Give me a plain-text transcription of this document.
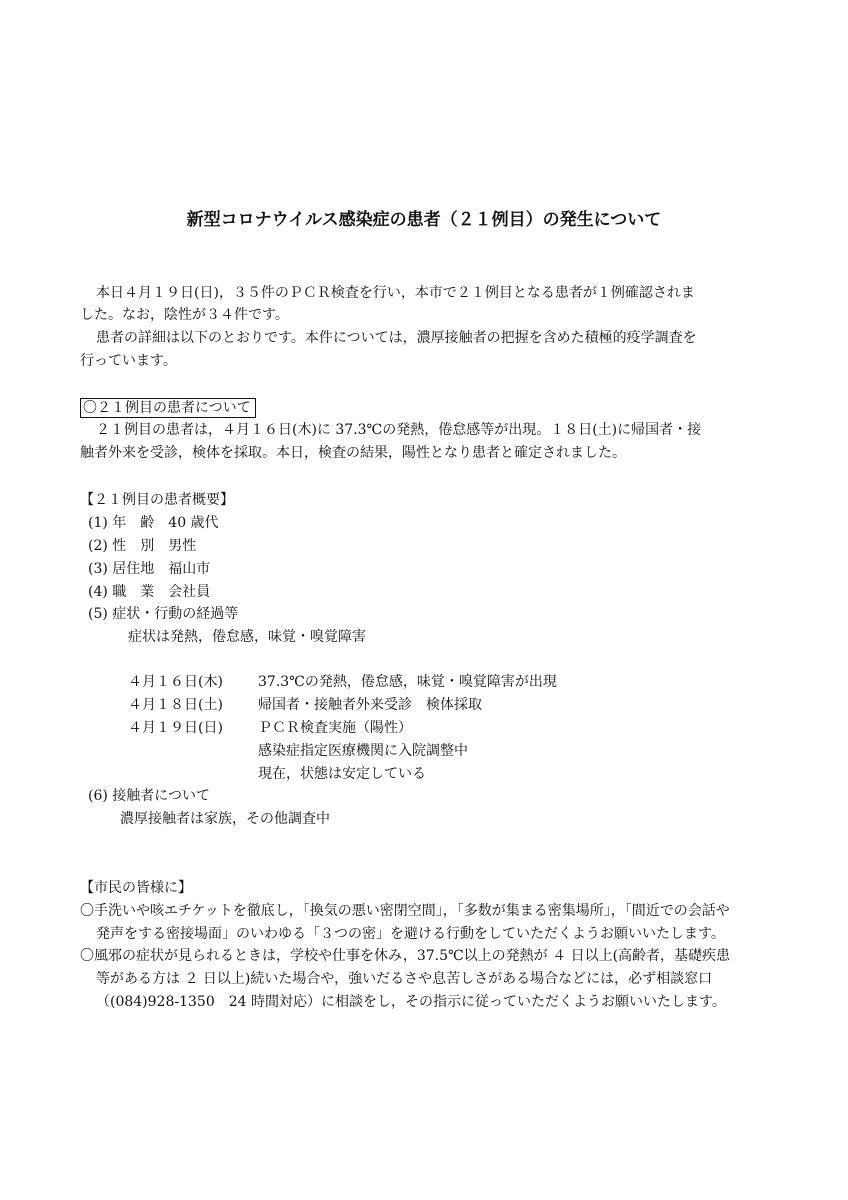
新型コロナウイルス感染症の患者（２１例目）の発生について
本日４月１９日(日)，３５件のＰＣＲ検査を行い，本市で２１例目となる患者が１例確認されま
した。なお，陰性が３４件です。
患者の詳細は以下のとおりです。本件については，濃厚接触者の把握を含めた積極的疫学調査を
行っています。
〇２１例目の患者について
２１例目の患者は，４月１６日(木)に 37.3℃の発熱，倦怠感等が出現。１８日(土)に帰国者・接
触者外来を受診，検体を採取。本日，検査の結果，陽性となり患者と確定されました。
【２１例目の患者概要】
(1) 年　齢　40 歳代
(2) 性　別　男性
(3) 居住地　福山市
(4) 職　業　会社員
(5) 症状・行動の経過等
症状は発熱，倦怠感，味覚・嗅覚障害
４月１６日(木)	37.3℃の発熱，倦怠感，味覚・嗅覚障害が出現
４月１８日(土)	帰国者・接触者外来受診　検体採取
４月１９日(日)	ＰＣＲ検査実施（陽性）
感染症指定医療機関に入院調整中
現在，状態は安定している
(6) 接触者について
濃厚接触者は家族，その他調査中
【市民の皆様に】
〇手洗いや咳エチケットを徹底し，「換気の悪い密閉空間」，「多数が集まる密集場所」，「間近での会話や
発声をする密接場面」のいわゆる「３つの密」を避ける行動をしていただくようお願いいたします。
〇風邪の症状が見られるときは，学校や仕事を休み，37.5℃以上の発熱が ４ 日以上(高齢者，基礎疾患
等がある方は ２ 日以上)続いた場合や，強いだるさや息苦しさがある場合などには，必ず相談窓口
（(084)928-1350　24 時間対応）に相談をし，その指示に従っていただくようお願いいたします。
